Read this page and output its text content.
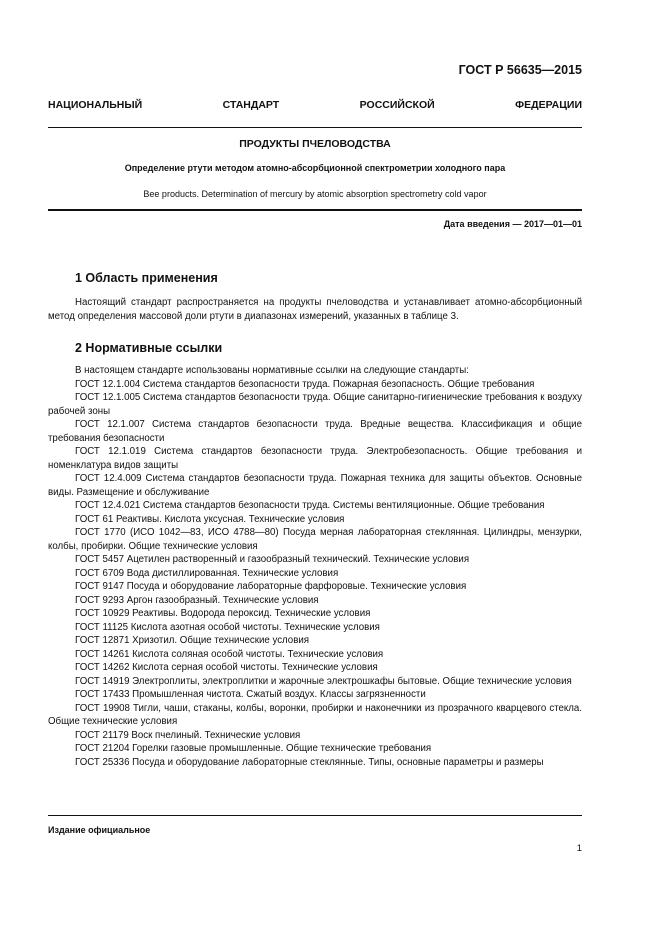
ГОСТ Р 56635—2015
НАЦИОНАЛЬНЫЙ СТАНДАРТ РОССИЙСКОЙ ФЕДЕРАЦИИ
ПРОДУКТЫ ПЧЕЛОВОДСТВА
Определение ртути методом атомно-абсорбционной спектрометрии холодного пара
Bee products. Determination of mercury by atomic absorption spectrometry cold vapor
Дата введения — 2017—01—01
1 Область применения

Настоящий стандарт распространяется на продукты пчеловодства и устанавливает атомно-абсорбционный метод определения массовой доли ртути в диапазонах измерений, указанных в таблице 3.

2 Нормативные ссылки

В настоящем стандарте использованы нормативные ссылки на следующие стандарты:

ГОСТ 12.1.004 Система стандартов безопасности труда. Пожарная безопасность. Общие требования

ГОСТ 12.1.005 Система стандартов безопасности труда. Общие санитарно-гигиенические требования к воздуху рабочей зоны

ГОСТ 12.1.007 Система стандартов безопасности труда. Вредные вещества. Классификация и общие требования безопасности

ГОСТ 12.1.019 Система стандартов безопасности труда. Электробезопасность. Общие требования и номенклатура видов защиты

ГОСТ 12.4.009 Система стандартов безопасности труда. Пожарная техника для защиты объектов. Основные виды. Размещение и обслуживание

ГОСТ 12.4.021 Система стандартов безопасности труда. Системы вентиляционные. Общие требования

ГОСТ 61 Реактивы. Кислота уксусная. Технические условия

ГОСТ 1770 (ИСО 1042—83, ИСО 4788—80) Посуда мерная лабораторная стеклянная. Цилиндры, мензурки, колбы, пробирки. Общие технические условия

ГОСТ 5457 Ацетилен растворенный и газообразный технический. Технические условия

ГОСТ 6709 Вода дистиллированная. Технические условия

ГОСТ 9147 Посуда и оборудование лабораторные фарфоровые. Технические условия

ГОСТ 9293 Аргон газообразный. Технические условия

ГОСТ 10929 Реактивы. Водорода пероксид. Технические условия

ГОСТ 11125 Кислота азотная особой чистоты. Технические условия

ГОСТ 12871 Хризотил. Общие технические условия

ГОСТ 14261 Кислота соляная особой чистоты. Технические условия

ГОСТ 14262 Кислота серная особой чистоты. Технические условия

ГОСТ 14919 Электроплиты, электроплитки и жарочные электрошкафы бытовые. Общие технические условия

ГОСТ 17433 Промышленная чистота. Сжатый воздух. Классы загрязненности

ГОСТ 19908 Тигли, чаши, стаканы, колбы, воронки, пробирки и наконечники из прозрачного кварцевого стекла. Общие технические условия

ГОСТ 21179 Воск пчелиный. Технические условия

ГОСТ 21204 Горелки газовые промышленные. Общие технические требования

ГОСТ 25336 Посуда и оборудование лабораторные стеклянные. Типы, основные параметры и размеры

Издание официальное
1
